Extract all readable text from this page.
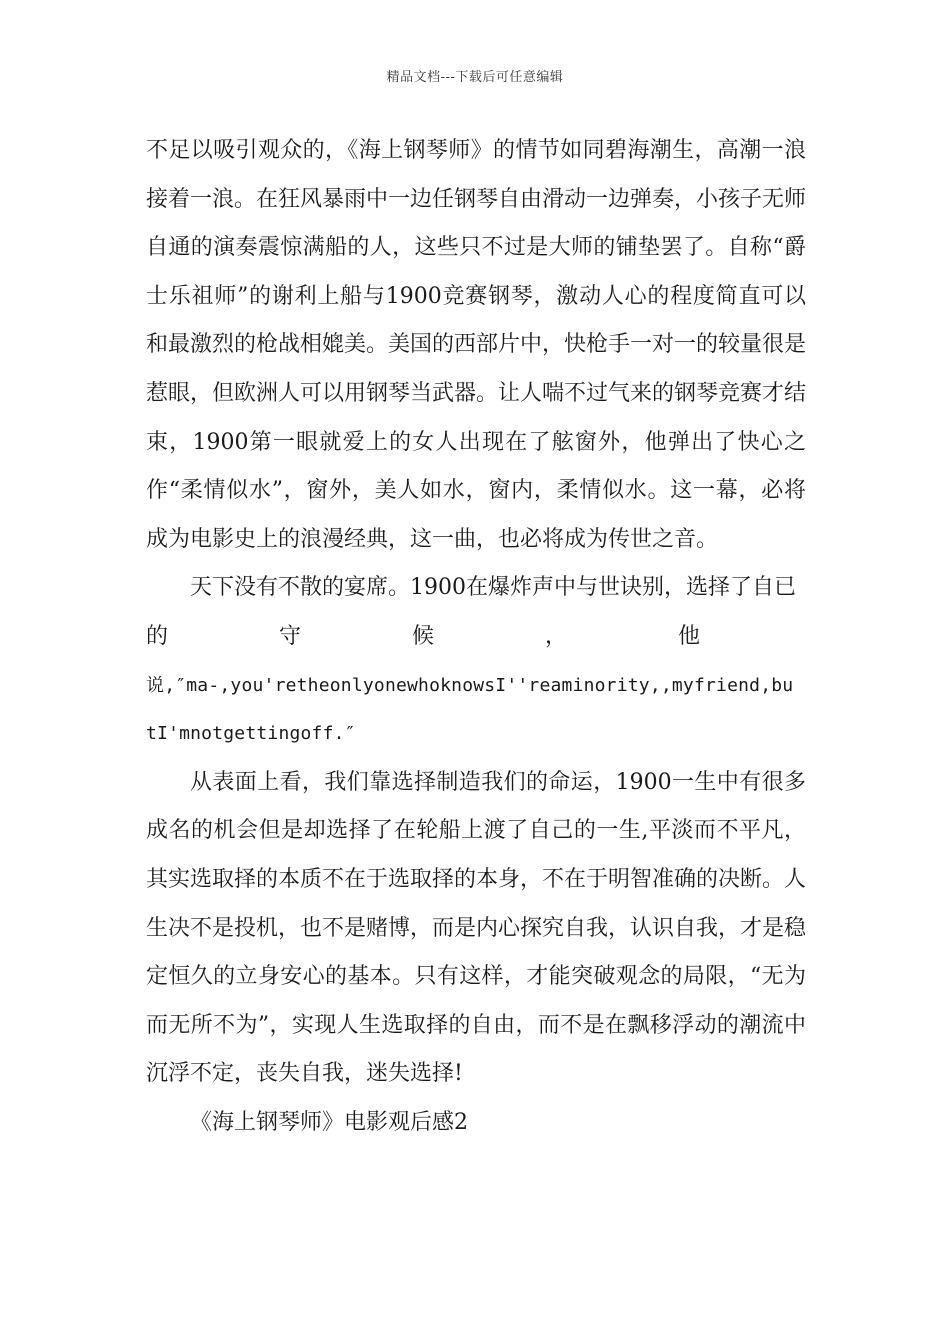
精品文档---下载后可任意编辑

不足以吸引观众的，《海上钢琴师》的情节如同碧海潮生，高潮一浪接着一浪。在狂风暴雨中一边任钢琴自由滑动一边弹奏，小孩子无师自通的演奏震惊满船的人，这些只不过是大师的铺垫罢了。自称“爵士乐祖师”的谢利上船与1900竞赛钢琴，激动人心的程度简直可以和最激烈的枪战相媲美。美国的西部片中，快枪手一对一的较量很是惹眼，但欧洲人可以用钢琴当武器。让人喘不过气来的钢琴竞赛才结束，1900第一眼就爱上的女人出现在了舷窗外，他弹出了快心之作“柔情似水”，窗外，美人如水，窗内，柔情似水。这一幕，必将成为电影史上的浪漫经典，这一曲，也必将成为传世之音。

天下没有不散的宴席。1900在爆炸声中与世诀别，选择了自已

的守候，他

说,″ma-,you'retheonlyonewhoknowsI''reaminority,,myfriend,bu
tI'mnotgettingoff.″

从表面上看，我们靠选择制造我们的命运，1900一生中有很多成名的机会但是却选择了在轮船上渡了自己的一生,平淡而不平凡，其实选取择的本质不在于选取择的本身，不在于明智准确的决断。人生决不是投机，也不是赌博，而是内心探究自我，认识自我，才是稳定恒久的立身安心的基本。只有这样，才能突破观念的局限，“无为而无所不为”，实现人生选取择的自由，而不是在飘移浮动的潮流中沉浮不定，丧失自我，迷失选择!

《海上钢琴师》电影观后感2
